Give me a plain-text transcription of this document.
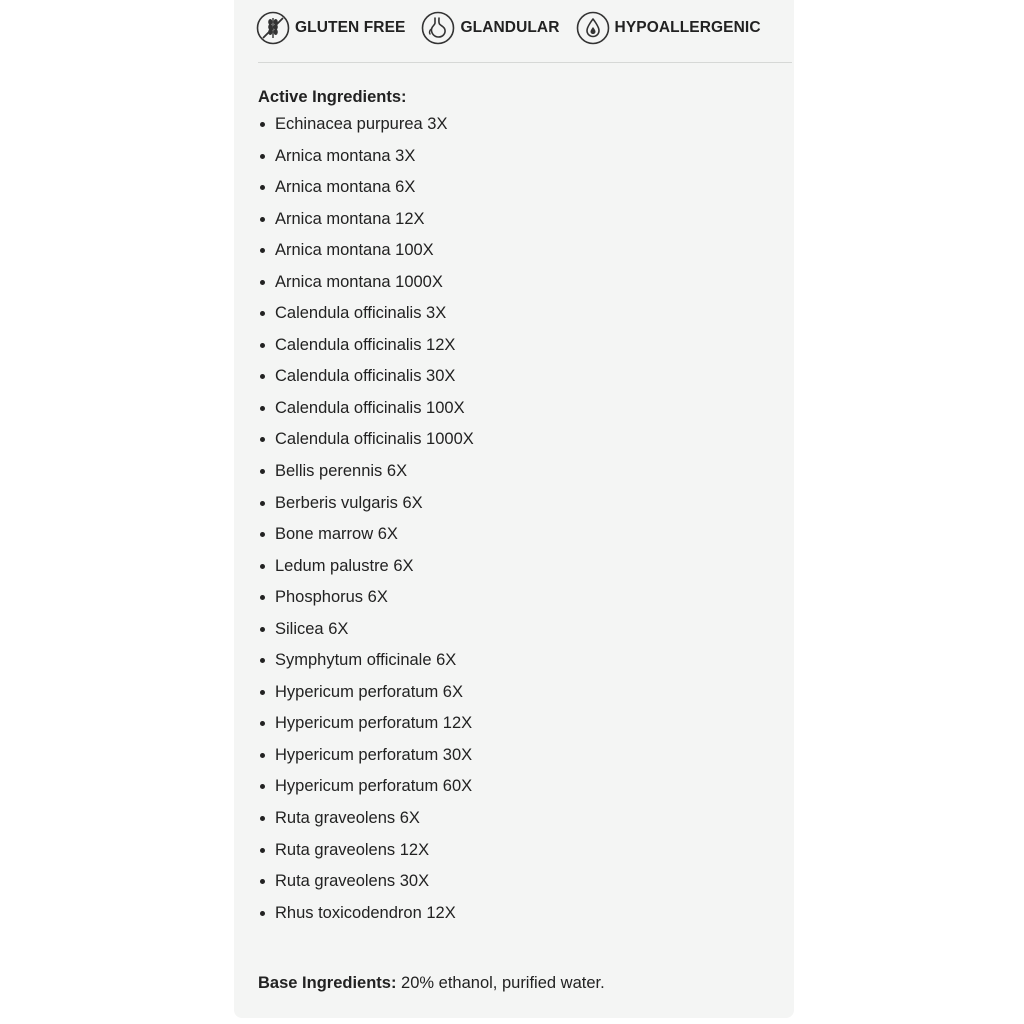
GLUTEN FREE	GLANDULAR	HYPOALLERGENIC
Active Ingredients:
Echinacea purpurea 3X
Arnica montana 3X
Arnica montana 6X
Arnica montana 12X
Arnica montana 100X
Arnica montana 1000X
Calendula officinalis 3X
Calendula officinalis 12X
Calendula officinalis 30X
Calendula officinalis 100X
Calendula officinalis 1000X
Bellis perennis 6X
Berberis vulgaris 6X
Bone marrow 6X
Ledum palustre 6X
Phosphorus 6X
Silicea 6X
Symphytum officinale 6X
Hypericum perforatum 6X
Hypericum perforatum 12X
Hypericum perforatum 30X
Hypericum perforatum 60X
Ruta graveolens 6X
Ruta graveolens 12X
Ruta graveolens 30X
Rhus toxicodendron 12X
Base Ingredients: 20% ethanol, purified water.
